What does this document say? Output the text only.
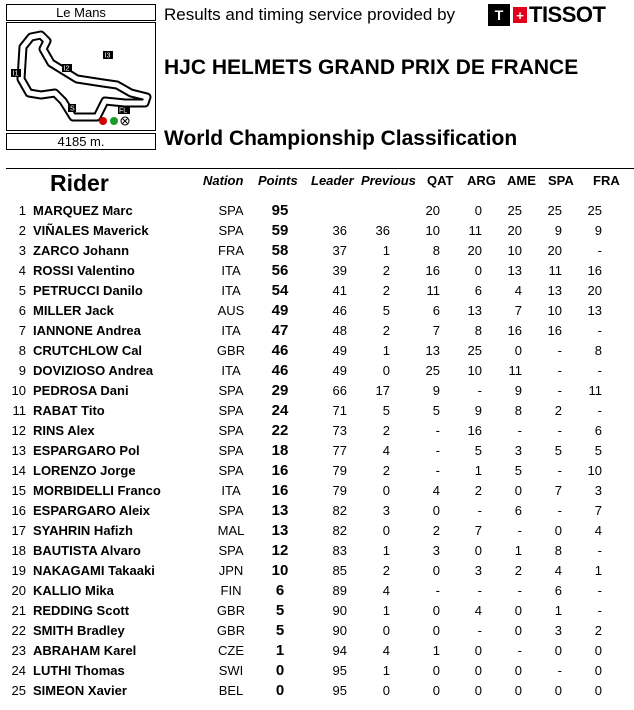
Le Mans
I1
I2
I3
S	FL
4185 m.
Results and timing service provided by	T + TISSOT
HJC HELMETS GRAND PRIX DE FRANCE
World Championship Classification
Rider	Nation Points Leader Previous QAT ARG AME SPA FRA
1	MARQUEZ Marc	SPA	95			20	0	25	25	25
2	VIÑALES Maverick	SPA	59	36	36	10	11	20	9	9
3	ZARCO Johann	FRA	58	37	1	8	20	10	20	-
4	ROSSI Valentino	ITA	56	39	2	16	0	13	11	16
5	PETRUCCI Danilo	ITA	54	41	2	11	6	4	13	20
6	MILLER Jack	AUS	49	46	5	6	13	7	10	13
7	IANNONE Andrea	ITA	47	48	2	7	8	16	16	-
8	CRUTCHLOW Cal	GBR	46	49	1	13	25	0	-	8
9	DOVIZIOSO Andrea	ITA	46	49	0	25	10	11	-	-
10	PEDROSA Dani	SPA	29	66	17	9	-	9	-	11
11	RABAT Tito	SPA	24	71	5	5	9	8	2	-
12	RINS Alex	SPA	22	73	2	-	16	-	-	6
13	ESPARGARO Pol	SPA	18	77	4	-	5	3	5	5
14	LORENZO Jorge	SPA	16	79	2	-	1	5	-	10
15	MORBIDELLI Franco	ITA	16	79	0	4	2	0	7	3
16	ESPARGARO Aleix	SPA	13	82	3	0	-	6	-	7
17	SYAHRIN Hafizh	MAL	13	82	0	2	7	-	0	4
18	BAUTISTA Alvaro	SPA	12	83	1	3	0	1	8	-
19	NAKAGAMI Takaaki	JPN	10	85	2	0	3	2	4	1
20	KALLIO Mika	FIN	6	89	4	-	-	-	6	-
21	REDDING Scott	GBR	5	90	1	0	4	0	1	-
22	SMITH Bradley	GBR	5	90	0	0	-	0	3	2
23	ABRAHAM Karel	CZE	1	94	4	1	0	-	0	0
24	LUTHI Thomas	SWI	0	95	1	0	0	0	-	0
25	SIMEON Xavier	BEL	0	95	0	0	0	0	0	0
